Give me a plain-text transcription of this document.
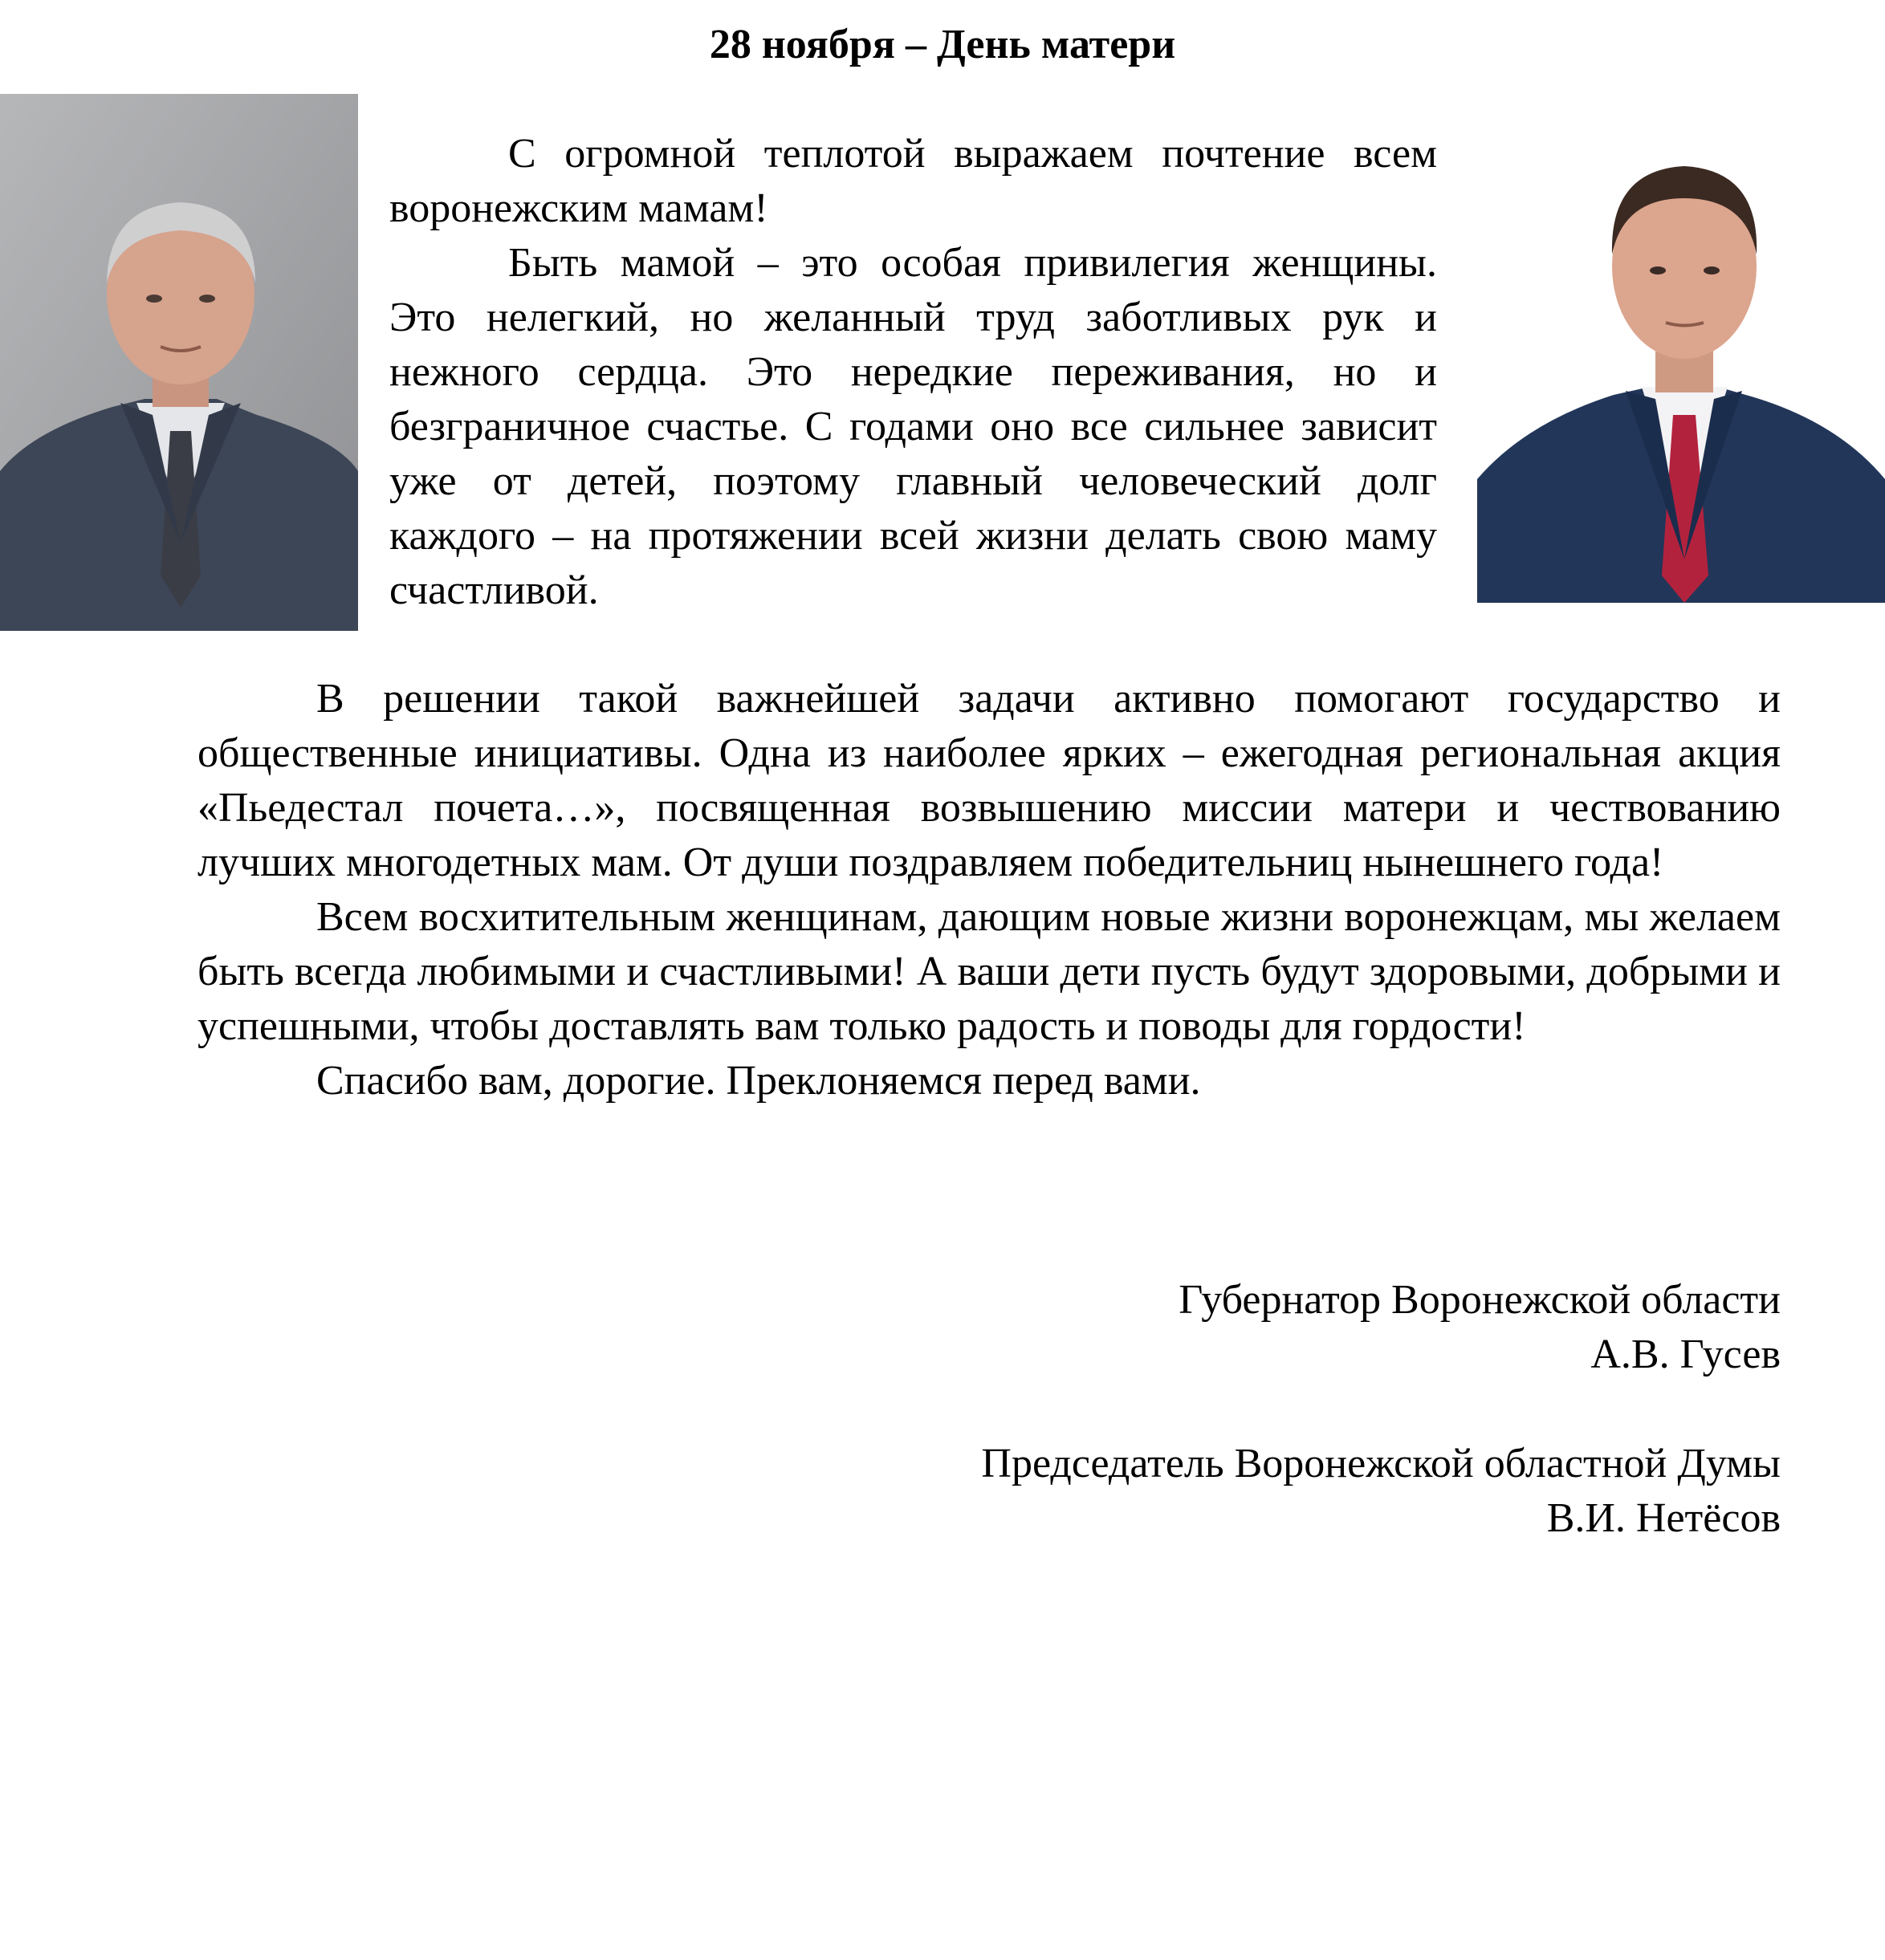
28 ноября – День матери

С огромной теплотой выражаем почтение всем воронежским мамам!

Быть мамой – это особая привилегия женщины. Это нелегкий, но желанный труд заботливых рук и нежного сердца. Это нередкие переживания, но и безграничное счастье. С годами оно все сильнее зависит уже от детей, поэтому главный человеческий долг каждого – на протяжении всей жизни делать свою маму счастливой.

В решении такой важнейшей задачи активно помогают государство и общественные инициативы. Одна из наиболее ярких – ежегодная региональная акция «Пьедестал почета…», посвященная возвышению миссии матери и чествованию лучших многодетных мам. От души поздравляем победительниц нынешнего года!

Всем восхитительным женщинам, дающим новые жизни воронежцам, мы желаем быть всегда любимыми и счастливыми! А ваши дети пусть будут здоровыми, добрыми и успешными, чтобы доставлять вам только радость и поводы для гордости!

Спасибо вам, дорогие. Преклоняемся перед вами.

Губернатор Воронежской области
А.В. Гусев
Председатель Воронежской областной Думы
В.И. Нетёсов
